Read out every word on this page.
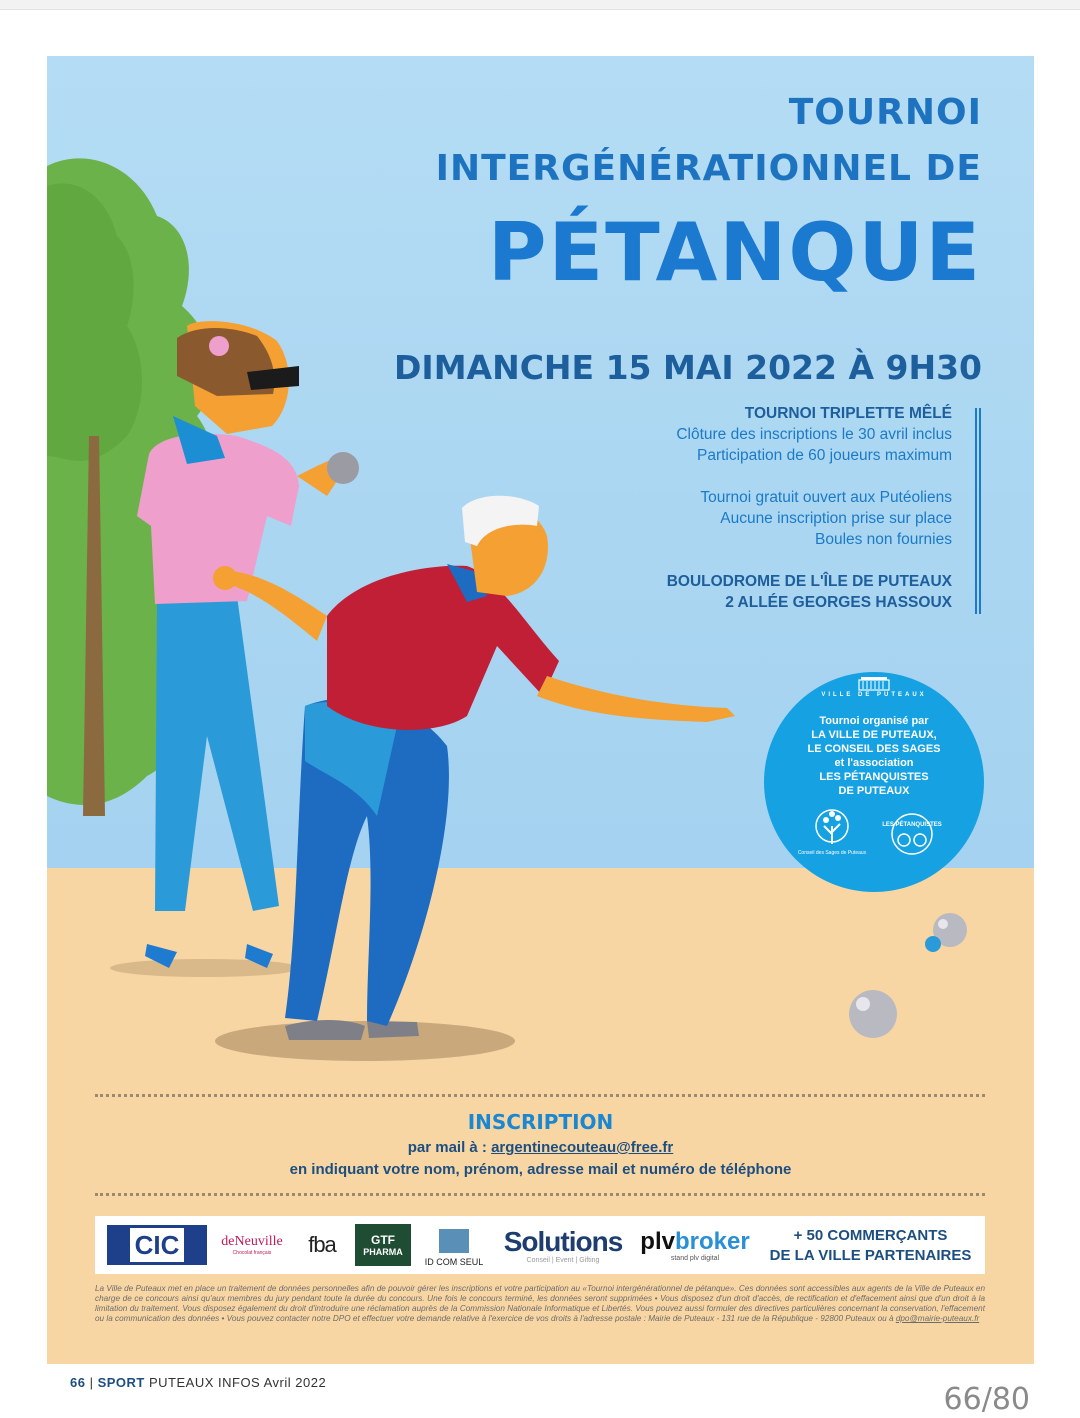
TOURNOI
INTERGÉNÉRATIONNEL DE
PÉTANQUE
DIMANCHE 15 MAI 2022 À 9H30
TOURNOI TRIPLETTE MÊLÉ
Clôture des inscriptions le 30 avril inclus
Participation de 60 joueurs maximum
Tournoi gratuit ouvert aux Putéoliens
Aucune inscription prise sur place
Boules non fournies
BOULODROME DE L'ÎLE DE PUTEAUX
2 ALLÉE GEORGES HASSOUX
VILLE DE PUTEAUX
Tournoi organisé par
LA VILLE DE PUTEAUX,
LE CONSEIL DES SAGES
et l'association
LES PÉTANQUISTES
DE PUTEAUX
Conseil des Sages de Puteaux
LES PÉTANQUISTES
INSCRIPTION
par mail à : argentinecouteau@free.fr
en indiquant votre nom, prénom, adresse mail et numéro de téléphone
CIC	deNeuville
Chocolat français fba	GTF
PHARMA
ID COM SEUL
Solutions
Conseil | Event | Gifting
plvbroker
stand plv digital
+ 50 COMMERÇANTS
DE LA VILLE PARTENAIRES
La Ville de Puteaux met en place un traitement de données personnelles afin de pouvoir gérer les inscriptions et votre participation au «Tournoi intergénérationnel de pétanque». Ces données sont accessibles aux agents de la Ville de Puteaux en charge de ce concours ainsi qu'aux membres du jury pendant toute la durée du concours. Une fois le concours terminé, les données seront supprimées • Vous disposez d'un droit d'accès, de rectification et d'effacement ainsi que d'un droit à la limitation du traitement. Vous disposez également du droit d'introduire une réclamation auprès de la Commission Nationale Informatique et Libertés. Vous pouvez aussi formuler des directives particulières concernant la conservation, l'effacement ou la communication des données • Vous pouvez contacter notre DPO et effectuer votre demande relative à l'exercice de vos droits à l'adresse postale : Mairie de Puteaux - 131 rue de la République - 92800 Puteaux ou à dpo@mairie-puteaux.fr
66 | SPORT PUTEAUX INFOS Avril 2022	66/80
